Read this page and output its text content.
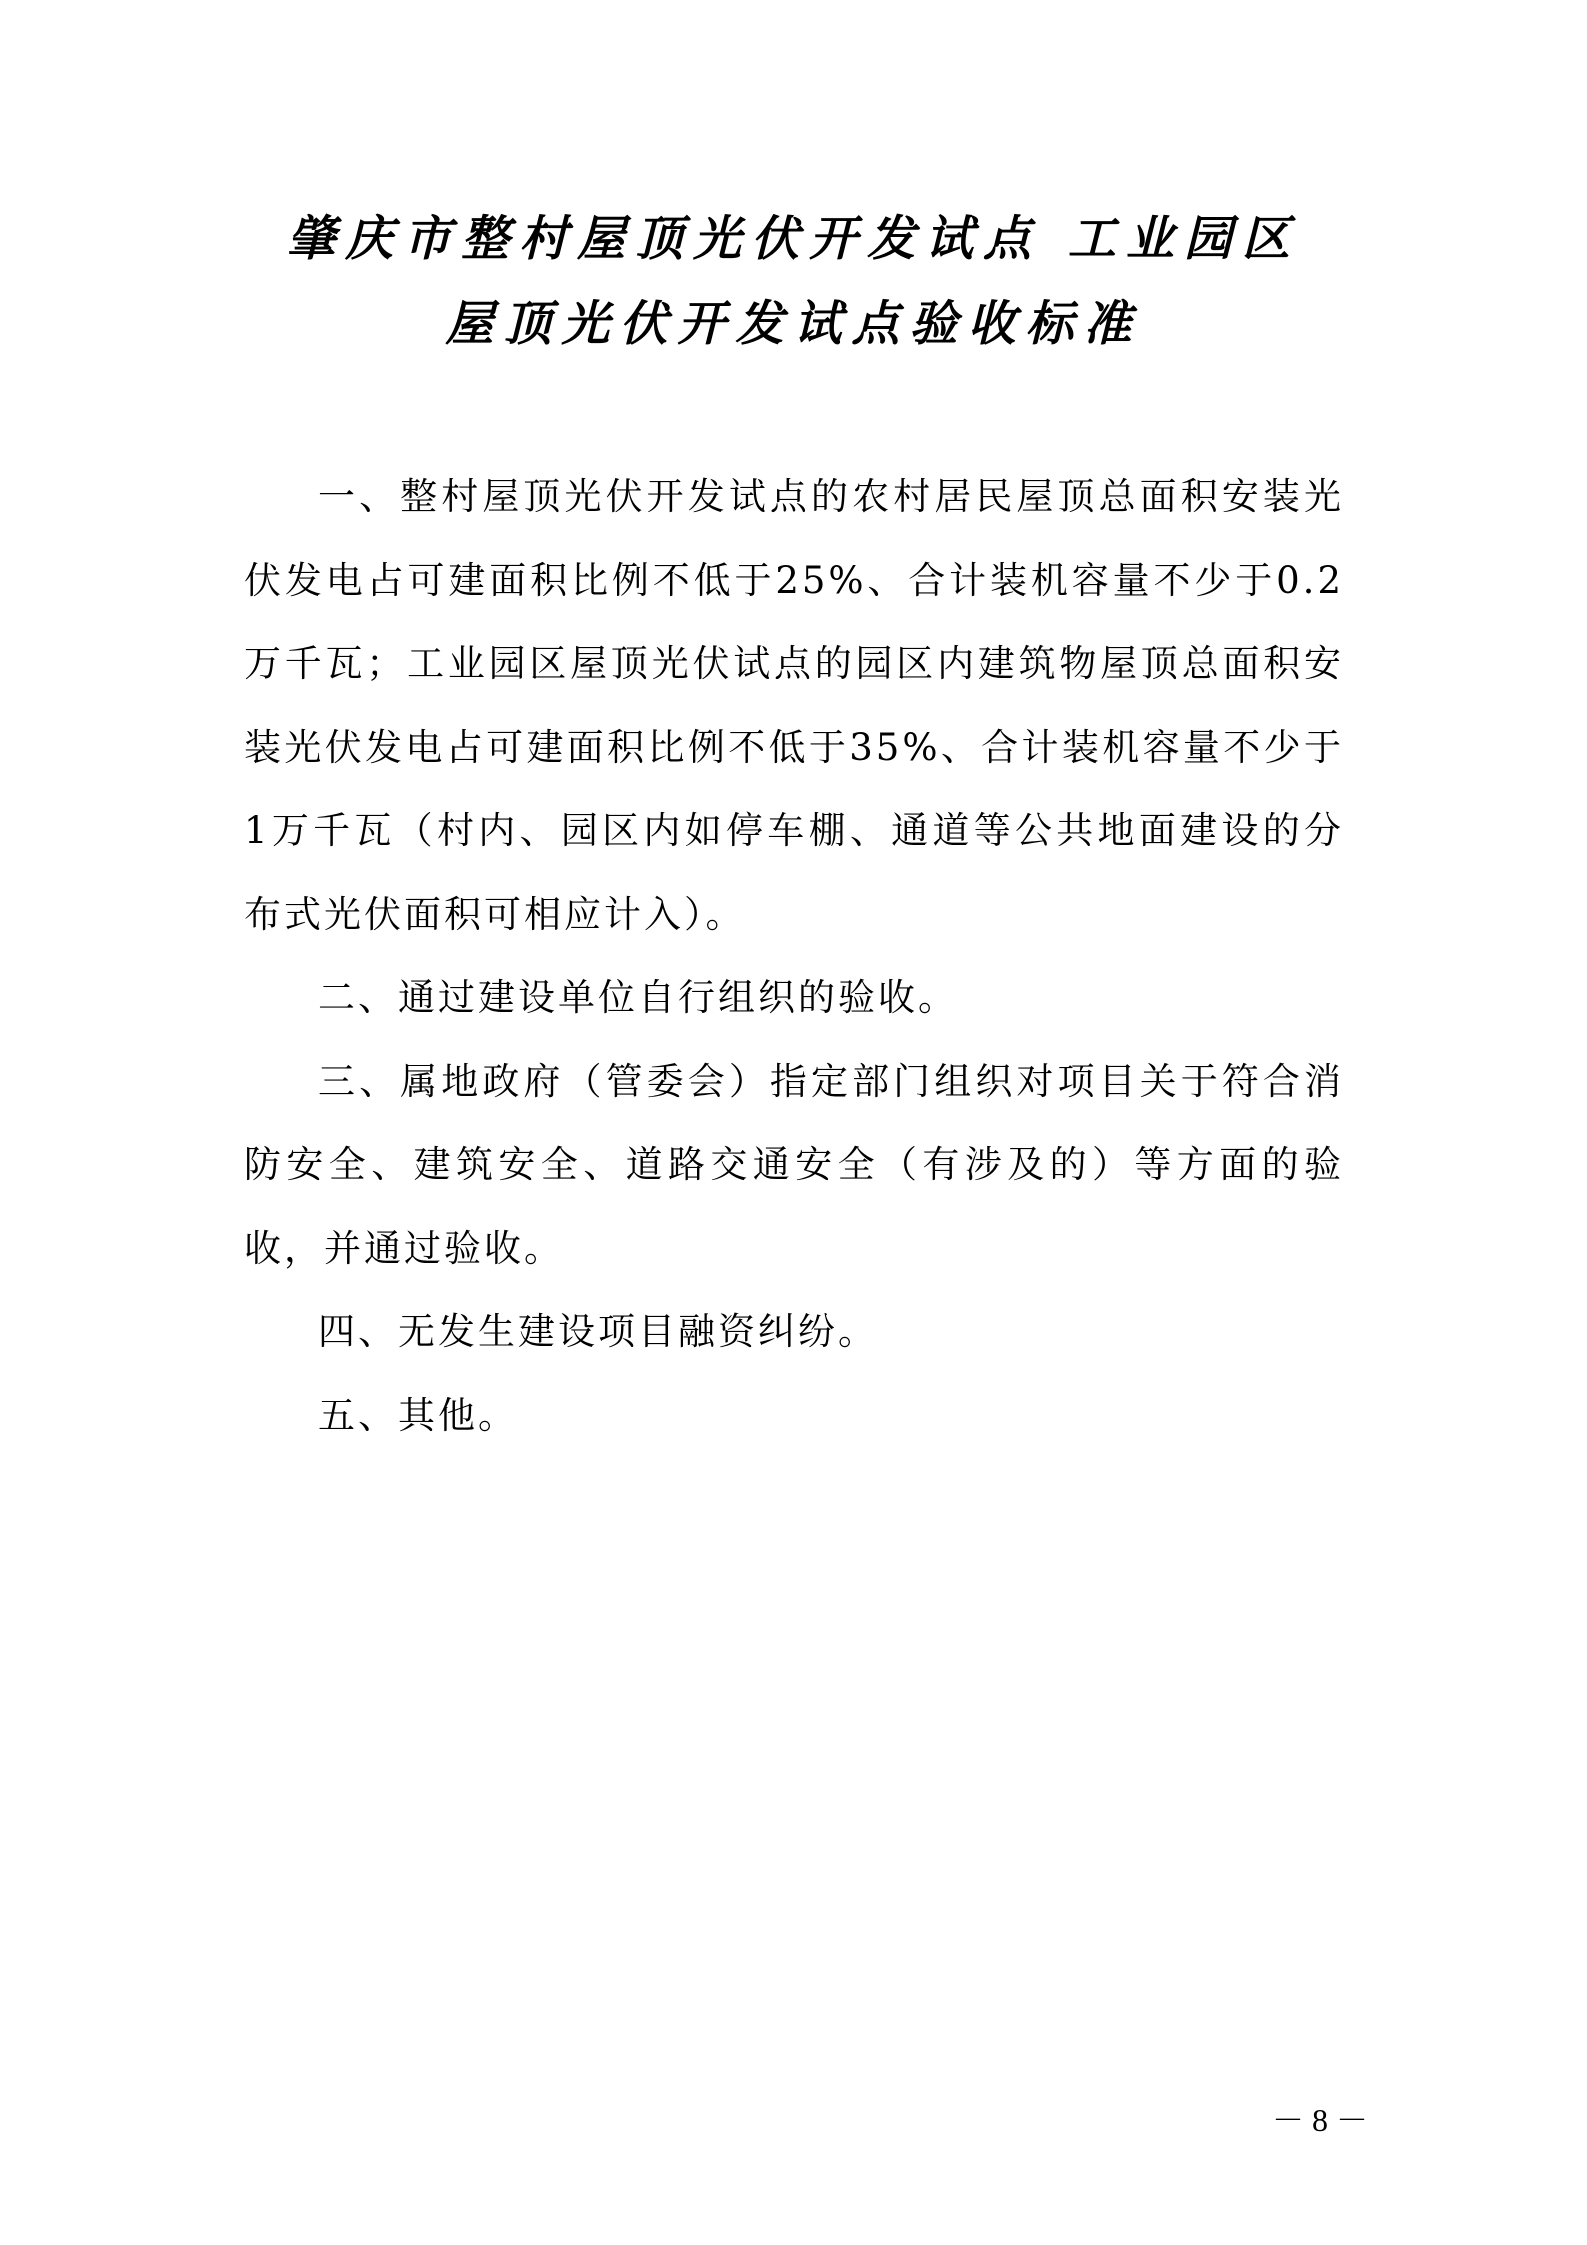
肇庆市整村屋顶光伏开发试点 工业园区
屋顶光伏开发试点验收标准

一、整村屋顶光伏开发试点的农村居民屋顶总面积安装光伏发电占可建面积比例不低于25%、合计装机容量不少于0.2万千瓦；工业园区屋顶光伏试点的园区内建筑物屋顶总面积安装光伏发电占可建面积比例不低于35%、合计装机容量不少于1万千瓦（村内、园区内如停车棚、通道等公共地面建设的分布式光伏面积可相应计入）。

二、通过建设单位自行组织的验收。

三、属地政府（管委会）指定部门组织对项目关于符合消防安全、建筑安全、道路交通安全（有涉及的）等方面的验收，并通过验收。

四、无发生建设项目融资纠纷。

五、其他。

－ 8 －
